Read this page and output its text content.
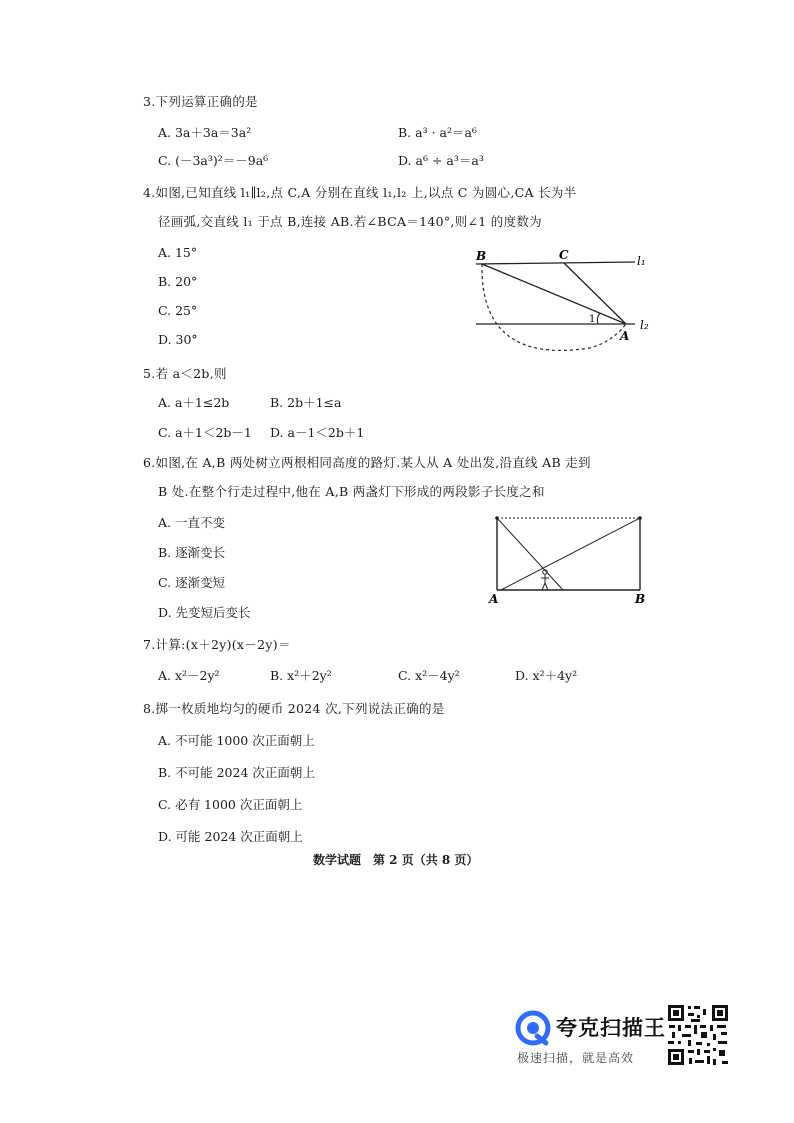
3.下列运算正确的是
A. 3a＋3a＝3a²	B. a³ · a²＝a⁶
C. (－3a³)²＝－9a⁶	D. a⁶ ÷ a³＝a³
4.如图,已知直线 l₁∥l₂,点 C,A 分别在直线 l₁,l₂ 上,以点 C 为圆心,CA 长为半
径画弧,交直线 l₁ 于点 B,连接 AB.若∠BCA＝140°,则∠1 的度数为
A. 15°
B. 20°
C. 25°
D. 30°
B	C
A
l₁
l₂
1
5.若 a＜2b,则
A. a＋1≤2b	B. 2b＋1≤a
C. a＋1＜2b－1 D. a－1＜2b＋1
6.如图,在 A,B 两处树立两根相同高度的路灯.某人从 A 处出发,沿直线 AB 走到
B 处.在整个行走过程中,他在 A,B 两盏灯下形成的两段影子长度之和
A. 一直不变
B. 逐渐变长
C. 逐渐变短
D. 先变短后变长
A	B
7.计算:(x＋2y)(x－2y)＝
A. x²－2y²	B. x²＋2y²	C. x²－4y²	D. x²＋4y²
8.掷一枚质地均匀的硬币 2024 次,下列说法正确的是
A. 不可能 1000 次正面朝上
B. 不可能 2024 次正面朝上
C. 必有 1000 次正面朝上
D. 可能 2024 次正面朝上
数学试题　第 2 页（共 8 页）
夸克扫描王
极速扫描，就是高效
